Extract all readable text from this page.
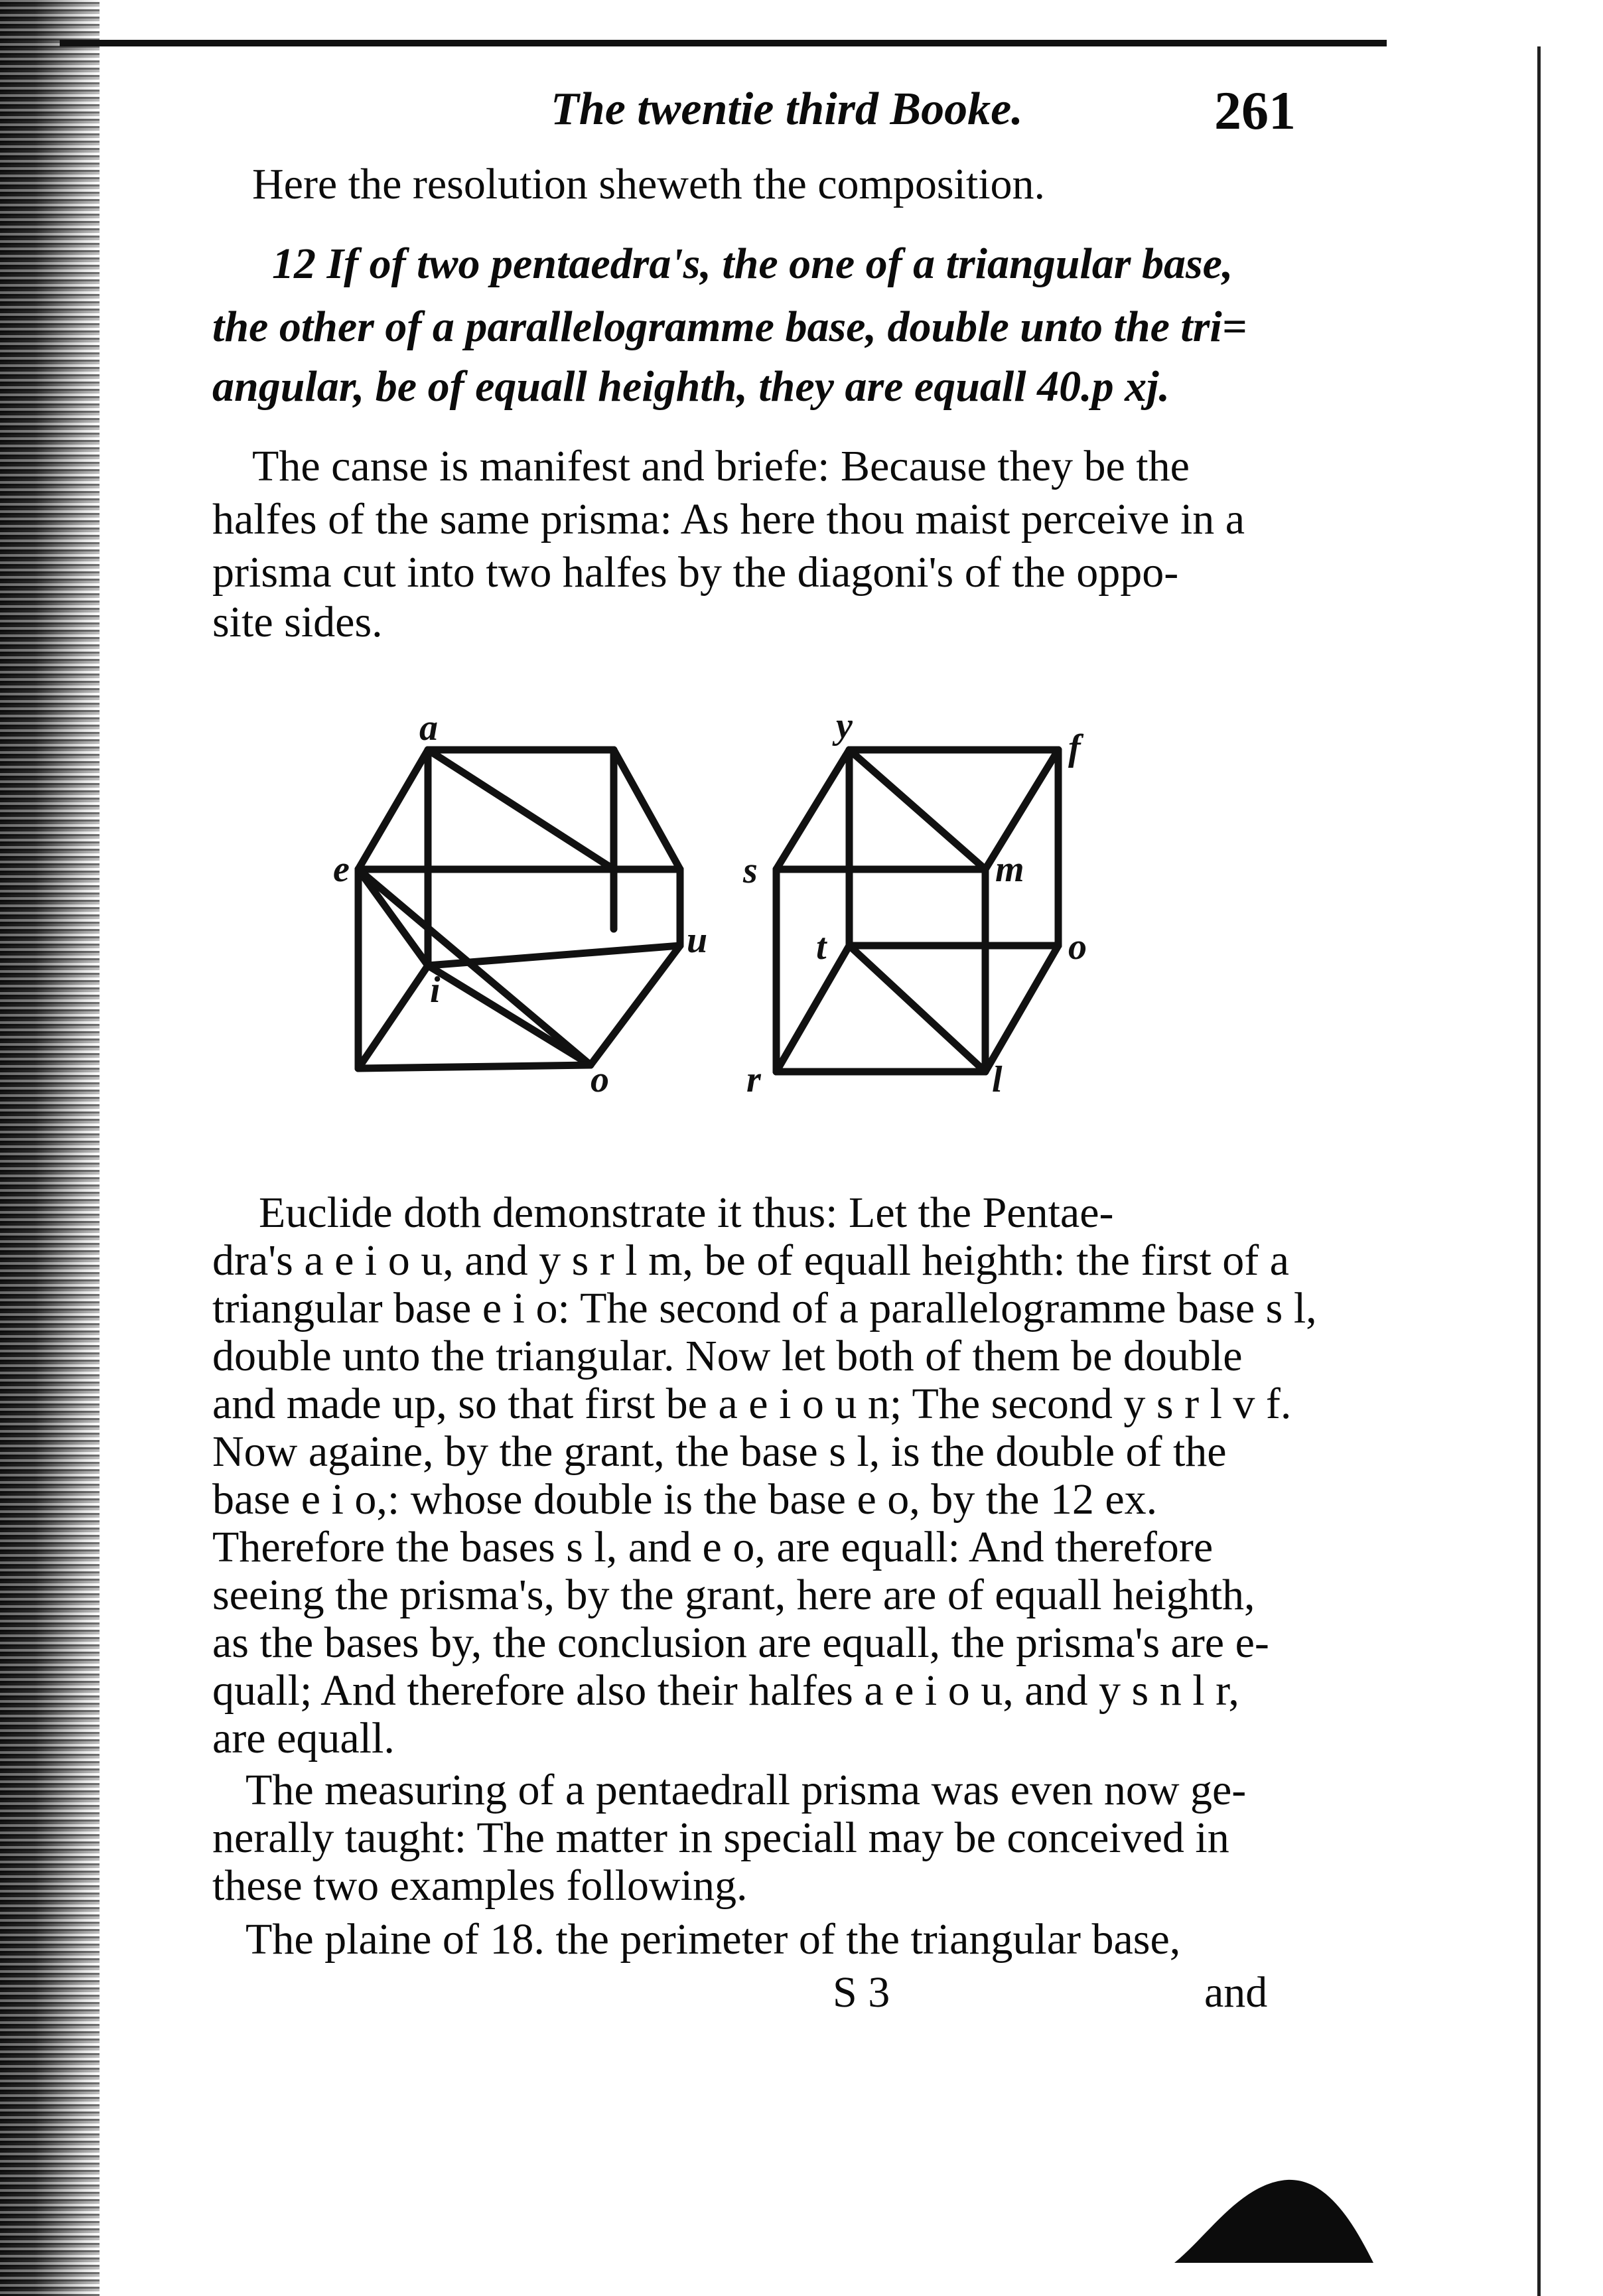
The twentie third Booke.	261
Here the resolution sheweth the composition.
12 If of two pentaedra's, the one of a triangular base,
the other of a parallelogramme base, double unto the tri=
angular, be of equall heighth, they are equall 40.p xj.
The canse is manifest and briefe: Because they be the
halfes of the same prisma: As here thou maist perceive in a
prisma cut into two halfes by the diagoni's of the oppo-
site sides.
a
e
u
i
o
y
f
s	m
t	o
r	l
Euclide doth demonstrate it thus: Let the Pentae-
dra's a e i o u, and y s r l m, be of equall heighth: the first of a
triangular base e i o: The second of a parallelogramme base s l,
double unto the triangular. Now let both of them be double
and made up, so that first be a e i o u n; The second y s r l v f.
Now againe, by the grant, the base s l, is the double of the
base e i o,: whose double is the base e o, by the 12 ex.
Therefore the bases s l, and e o, are equall: And therefore
seeing the prisma's, by the grant, here are of equall heighth,
as the bases by, the conclusion are equall, the prisma's are e-
quall; And therefore also their halfes a e i o u, and y s n l r,
are equall.
The measuring of a pentaedrall prisma was even now ge-
nerally taught: The matter in speciall may be conceived in
these two examples following.
The plaine of 18. the perimeter of the triangular base,
S 3	and
